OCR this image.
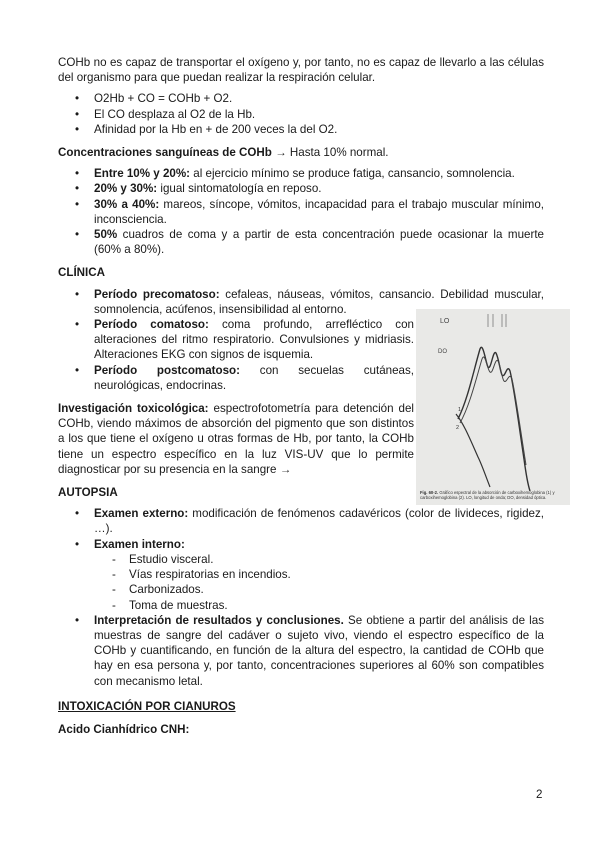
COHb no es capaz de transportar el oxígeno y, por tanto, no es capaz de llevarlo a las células del organismo para que puedan realizar la respiración celular.

• O2Hb + CO = COHb + O2.
• El CO desplaza al O2 de la Hb.
• Afinidad por la Hb en + de 200 veces la del O2.

Concentraciones sanguíneas de COHb → Hasta 10% normal.

• Entre 10% y 20%: al ejercicio mínimo se produce fatiga, cansancio, somnolencia.
• 20% y 30%: igual sintomatología en reposo.
• 30% a 40%: mareos, síncope, vómitos, incapacidad para el trabajo muscular mínimo, inconsciencia.
• 50% cuadros de coma y a partir de esta concentración puede ocasionar la muerte (60% a 80%).

CLÍNICA

• Período precomatoso: cefaleas, náuseas, vómitos, cansancio. Debilidad muscular, somnolencia, acúfenos, insensibilidad al entorno.
• Período comatoso: coma profundo, arrefléctico con alteraciones del ritmo respiratorio. Convulsiones y midriasis. Alteraciones EKG con signos de isquemia.
• Período postcomatoso: con secuelas cutáneas, neurológicas, endocrinas.

Investigación toxicológica: espectrofotometría para detención del COHb, viendo máximos de absorción del pigmento que son distintos a los que tiene el oxígeno u otras formas de Hb, por tanto, la COHb tiene un espectro específico en la luz VIS-UV que lo permite diagnosticar por su presencia en la sangre →

LO
DO
2
1
Fig. 60-2. Gráfico espectral de la absorción de carboxihemoglobina (1) y carboxihemoglobina (2). LO, longitud de onda; DO, densidad óptica.

AUTOPSIA

• Examen externo: modificación de fenómenos cadavéricos (color de livideces, rigidez, …).
• Examen interno:
- Estudio visceral.
- Vías respiratorias en incendios.
- Carbonizados.
- Toma de muestras.
• Interpretación de resultados y conclusiones. Se obtiene a partir del análisis de las muestras de sangre del cadáver o sujeto vivo, viendo el espectro específico de la COHb y cuantificando, en función de la altura del espectro, la cantidad de COHb que hay en esa persona y, por tanto, concentraciones superiores al 60% son compatibles con mecanismo letal.

INTOXICACIÓN POR CIANUROS

Acido Cianhídrico CNH:

2
